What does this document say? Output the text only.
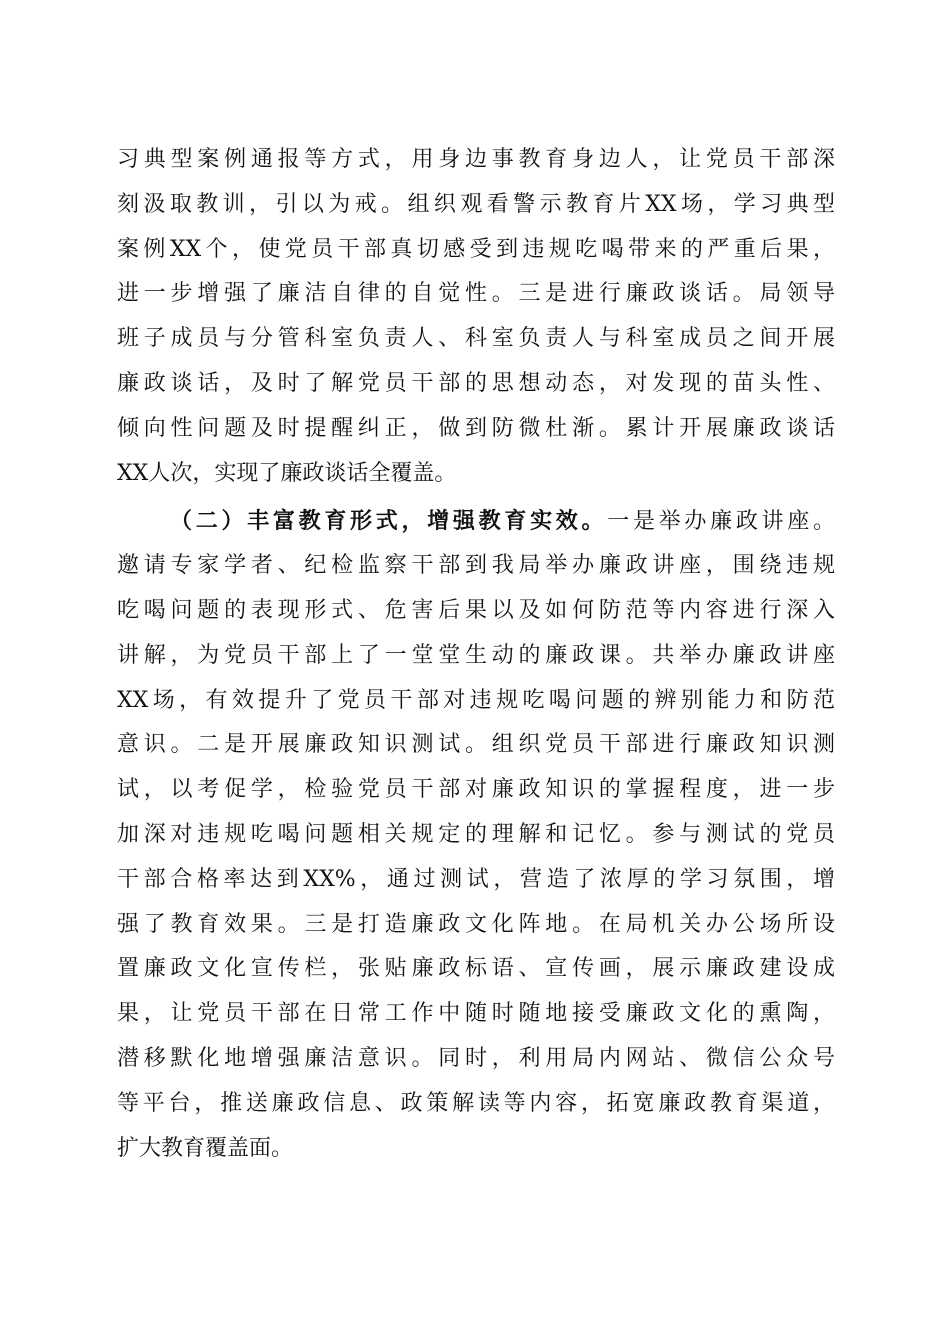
习典型案例通报等方式，用身边事教育身边人，让党员干部深
刻汲取教训，引以为戒。组织观看警示教育片XX场，学习典型
案例XX个，使党员干部真切感受到违规吃喝带来的严重后果，
进一步增强了廉洁自律的自觉性。三是进行廉政谈话。局领导
班子成员与分管科室负责人、科室负责人与科室成员之间开展
廉政谈话，及时了解党员干部的思想动态，对发现的苗头性、
倾向性问题及时提醒纠正，做到防微杜渐。累计开展廉政谈话
XX人次，实现了廉政谈话全覆盖。
（二）丰富教育形式，增强教育实效。一是举办廉政讲座。
邀请专家学者、纪检监察干部到我局举办廉政讲座，围绕违规
吃喝问题的表现形式、危害后果以及如何防范等内容进行深入
讲解，为党员干部上了一堂堂生动的廉政课。共举办廉政讲座
XX场，有效提升了党员干部对违规吃喝问题的辨别能力和防范
意识。二是开展廉政知识测试。组织党员干部进行廉政知识测
试，以考促学，检验党员干部对廉政知识的掌握程度，进一步
加深对违规吃喝问题相关规定的理解和记忆。参与测试的党员
干部合格率达到XX%，通过测试，营造了浓厚的学习氛围，增
强了教育效果。三是打造廉政文化阵地。在局机关办公场所设
置廉政文化宣传栏，张贴廉政标语、宣传画，展示廉政建设成
果，让党员干部在日常工作中随时随地接受廉政文化的熏陶，
潜移默化地增强廉洁意识。同时，利用局内网站、微信公众号
等平台，推送廉政信息、政策解读等内容，拓宽廉政教育渠道，
扩大教育覆盖面。
